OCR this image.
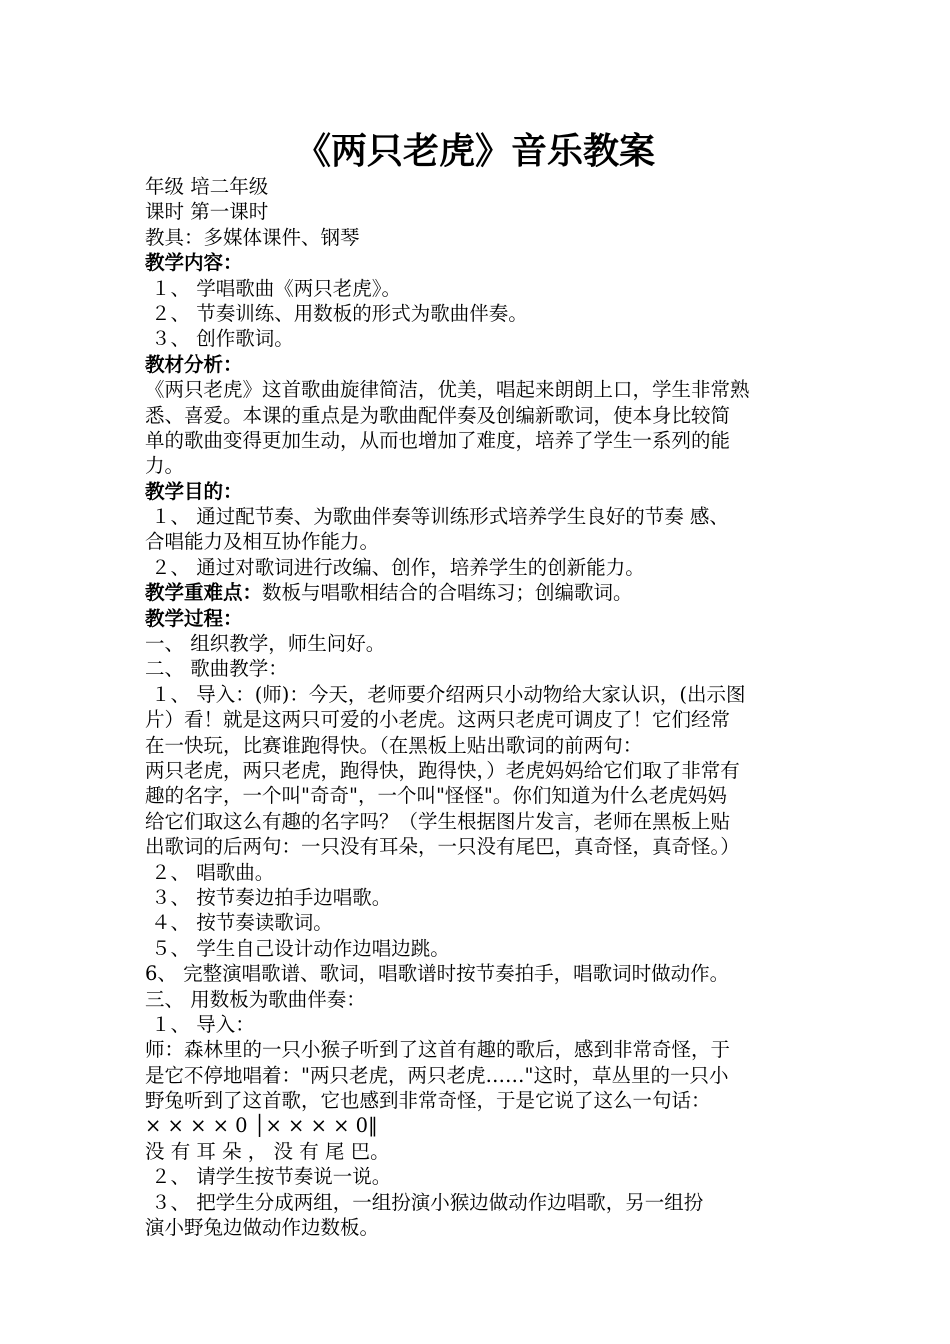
《两只老虎》音乐教案
年级 培二年级
课时 第一课时
教具：多媒体课件、钢琴
教学内容：
１、 学唱歌曲《两只老虎》。
２、 节奏训练、用数板的形式为歌曲伴奏。
３、 创作歌词。
教材分析：
《两只老虎》这首歌曲旋律简洁，优美，唱起来朗朗上口，学生非常熟
悉、喜爱。本课的重点是为歌曲配伴奏及创编新歌词，使本身比较简
单的歌曲变得更加生动，从而也增加了难度，培养了学生一系列的能
力。
教学目的：
１、 通过配节奏、为歌曲伴奏等训练形式培养学生良好的节奏 感、
合唱能力及相互协作能力。
２、 通过对歌词进行改编、创作，培养学生的创新能力。
教学重难点：数板与唱歌相结合的合唱练习；创编歌词。
教学过程：
一、 组织教学，师生问好。
二、 歌曲教学：
１、 导入：(师)：今天，老师要介绍两只小动物给大家认识，(出示图
片）看！就是这两只可爱的小老虎。这两只老虎可调皮了！它们经常
在一快玩，比赛谁跑得快。（在黑板上贴出歌词的前两句：
两只老虎，两只老虎，跑得快，跑得快，）老虎妈妈给它们取了非常有
趣的名字，一个叫"奇奇"，一个叫"怪怪"。你们知道为什么老虎妈妈
给它们取这么有趣的名字吗？（学生根据图片发言，老师在黑板上贴
出歌词的后两句：一只没有耳朵，一只没有尾巴，真奇怪，真奇怪。）
２、 唱歌曲。
３、 按节奏边拍手边唱歌。
４、 按节奏读歌词。
５、 学生自己设计动作边唱边跳。
6、 完整演唱歌谱、歌词，唱歌谱时按节奏拍手，唱歌词时做动作。
三、 用数板为歌曲伴奏：
１、 导入：
师：森林里的一只小猴子听到了这首有趣的歌后，感到非常奇怪，于
是它不停地唱着："两只老虎，两只老虎……"这时，草丛里的一只小
野兔听到了这首歌，它也感到非常奇怪，于是它说了这么一句话：
× × × × 0 │× × × × 0‖
没 有 耳 朵 ， 没 有 尾 巴。
２、 请学生按节奏说一说。
３、 把学生分成两组，一组扮演小猴边做动作边唱歌，另一组扮
演小野兔边做动作边数板。
